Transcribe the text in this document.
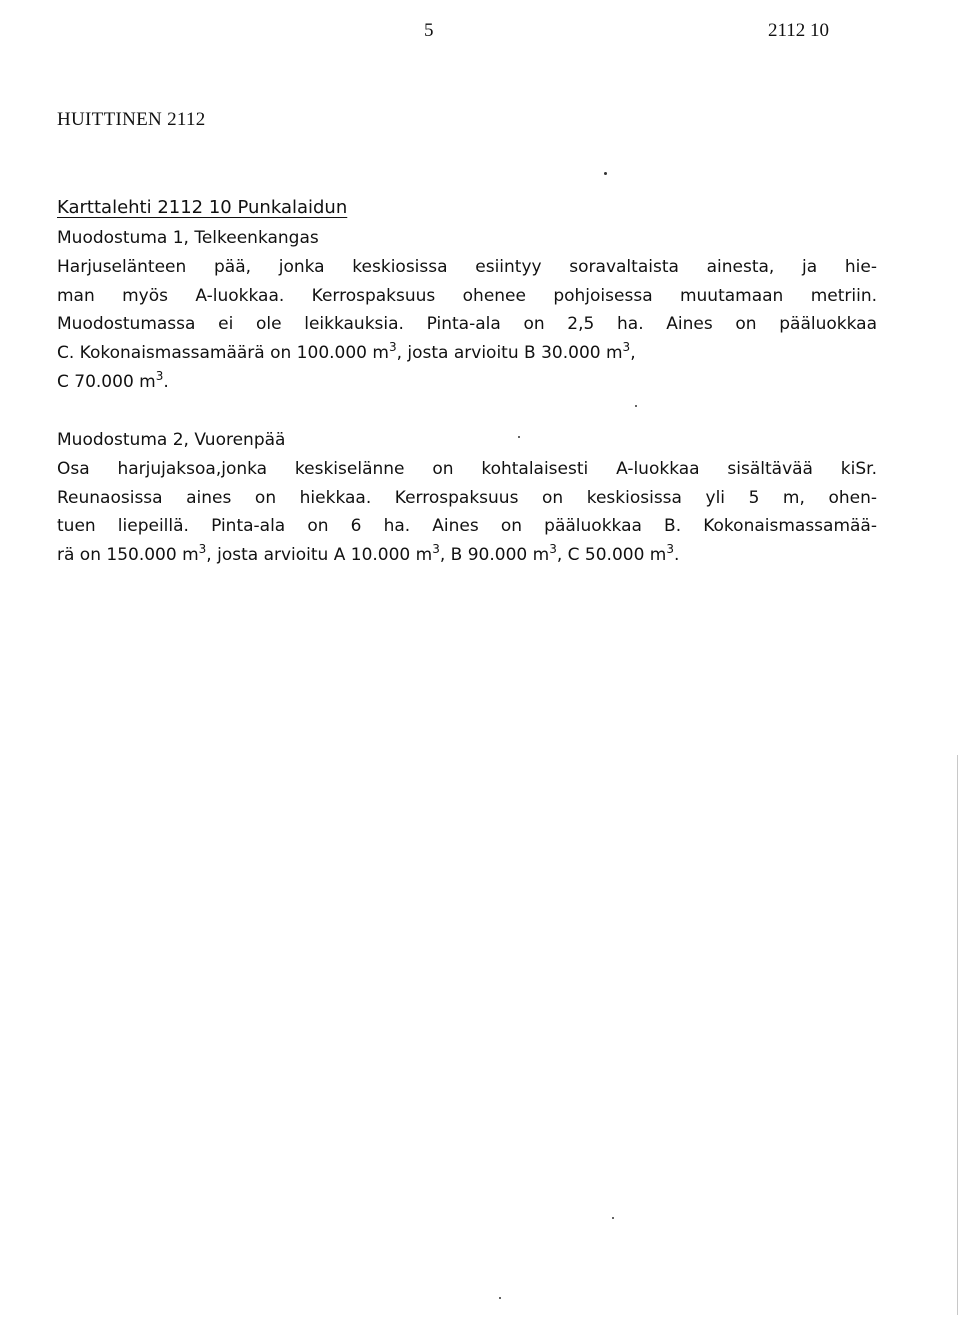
5	2112 10
HUITTINEN 2112
Karttalehti 2112 10 Punkalaidun
Muodostuma 1, Telkeenkangas
Harjuselänteen pää, jonka keskiosissa esiintyy soravaltaista ainesta, ja hie-
man myös A-luokkaa. Kerrospaksuus ohenee pohjoisessa muutamaan metriin.
Muodostumassa ei ole leikkauksia. Pinta-ala on 2,5 ha. Aines on pääluokkaa
C. Kokonaismassamäärä on 100.000 $m^3$, josta arvioitu B 30.000 $m^3$,
C 70.000 $m^3$.
Muodostuma 2, Vuorenpää
Osa harjujaksoa,jonka keskiselänne on kohtalaisesti A-luokkaa sisältävää kiSr.
Reunaosissa aines on hiekkaa. Kerrospaksuus on keskiosissa yli 5 m, ohen-
tuen liepeillä. Pinta-ala on 6 ha. Aines on pääluokkaa B. Kokonaismassamää-
rä on 150.000 $m^3$, josta arvioitu A 10.000 $m^3$, B 90.000 $m^3$, C 50.000 $m^3$.
